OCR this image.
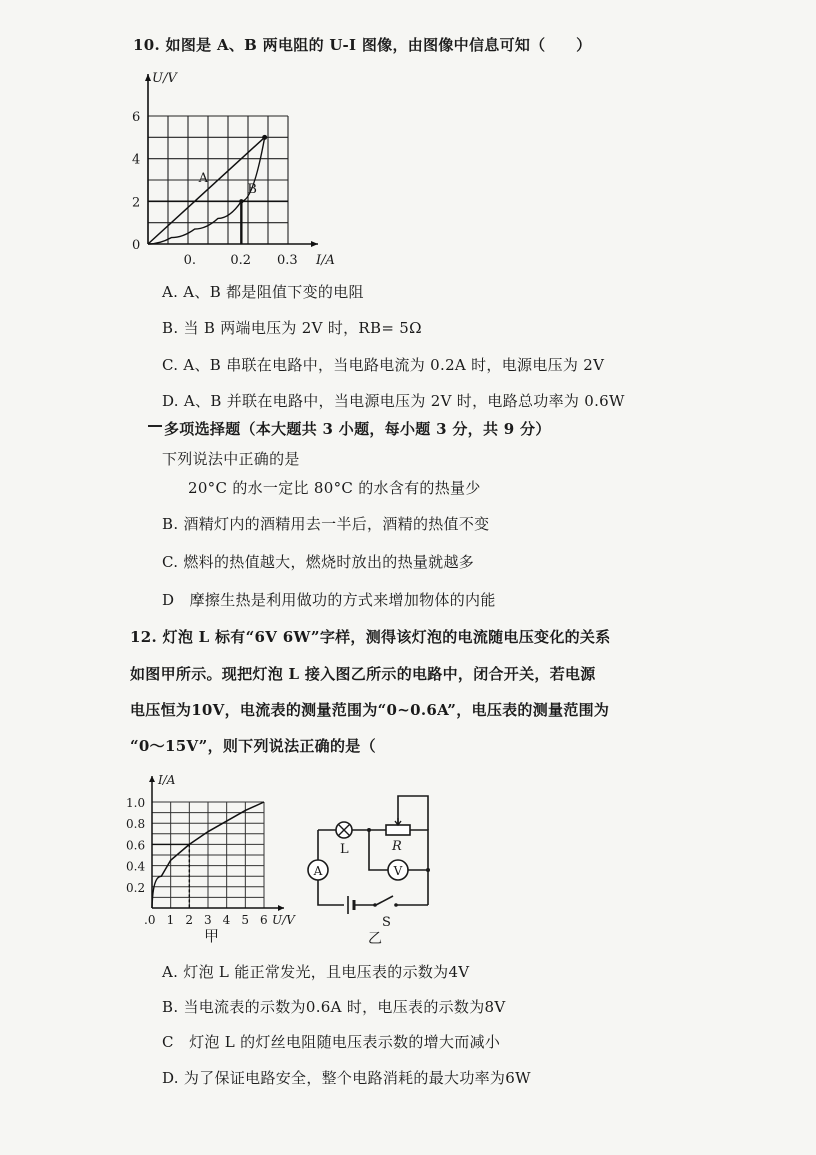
10. 如图是 A、B 两电阻的 U-I 图像，由图像中信息可知（　　）
A
B
0
2
4
6
0.	0.2 0.3
U/V
I/A
A. A、B 都是阻值下变的电阻
B. 当 B 两端电压为 2V 时，RB= 5Ω
C. A、B 串联在电路中，当电路电流为 0.2A 时，电源电压为 2V
D. A、B 并联在电路中，当电源电压为 2V 时，电路总功率为 0.6W
多项选择题（本大题共 3 小题，每小题 3 分，共 9 分）
下列说法中正确的是
20°C 的水一定比 80°C 的水含有的热量少
B. 酒精灯内的酒精用去一半后，酒精的热值不变
C. 燃料的热值越大，燃烧时放出的热量就越多
D　摩擦生热是利用做功的方式来增加物体的内能
12. 灯泡 L 标有“6V 6W”字样，测得该灯泡的电流随电压变化的关系
如图甲所示。现把灯泡 L 接入图乙所示的电路中，闭合开关，若电源
电压恒为10V，电流表的测量范围为“0~0.6A”，电压表的测量范围为
“0～15V”，则下列说法正确的是（
0.2
0.4
0.6
0.8
1.0
.0 1 2 3 4 5 6
I/A
U/V
A	V
L	R
S
乙
甲
A. 灯泡 L 能正常发光，且电压表的示数为4V
B. 当电流表的示数为0.6A 时，电压表的示数为8V
C　灯泡 L 的灯丝电阻随电压表示数的增大而减小
D. 为了保证电路安全，整个电路消耗的最大功率为6W
